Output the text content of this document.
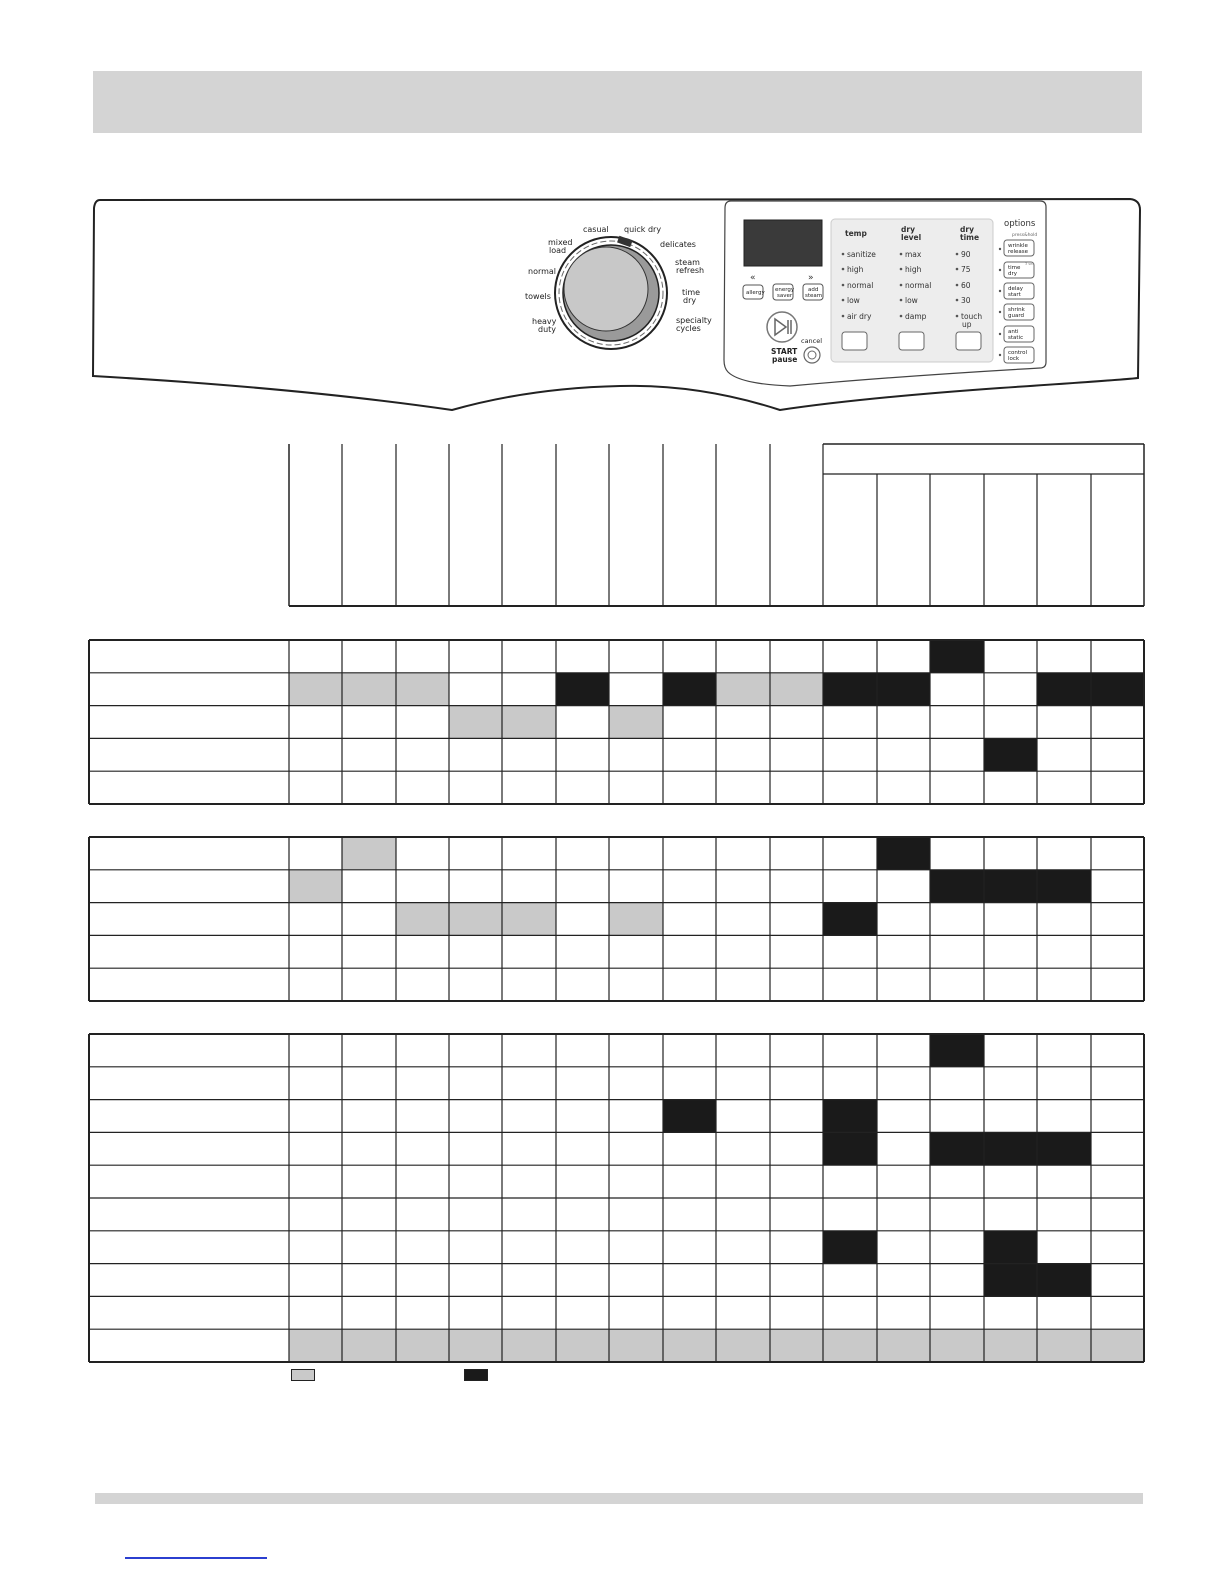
casual quick dry
delicates
steam
refresh
time
dry
specialty
cycles
heavy
duty
towels
normal
mixed
load
«	»
allergy energy
saver
add
steam
START
pause
cancel
temp
sanitize
high
normal
low
air dry
dry
level
max
high
normal
low
damp
dry
time
90
75
60
30
touch
up
options
press&hold
wrinkle
release
time
dry
3 sec
delay
start
shrink
guard
anti
static
control
lock
